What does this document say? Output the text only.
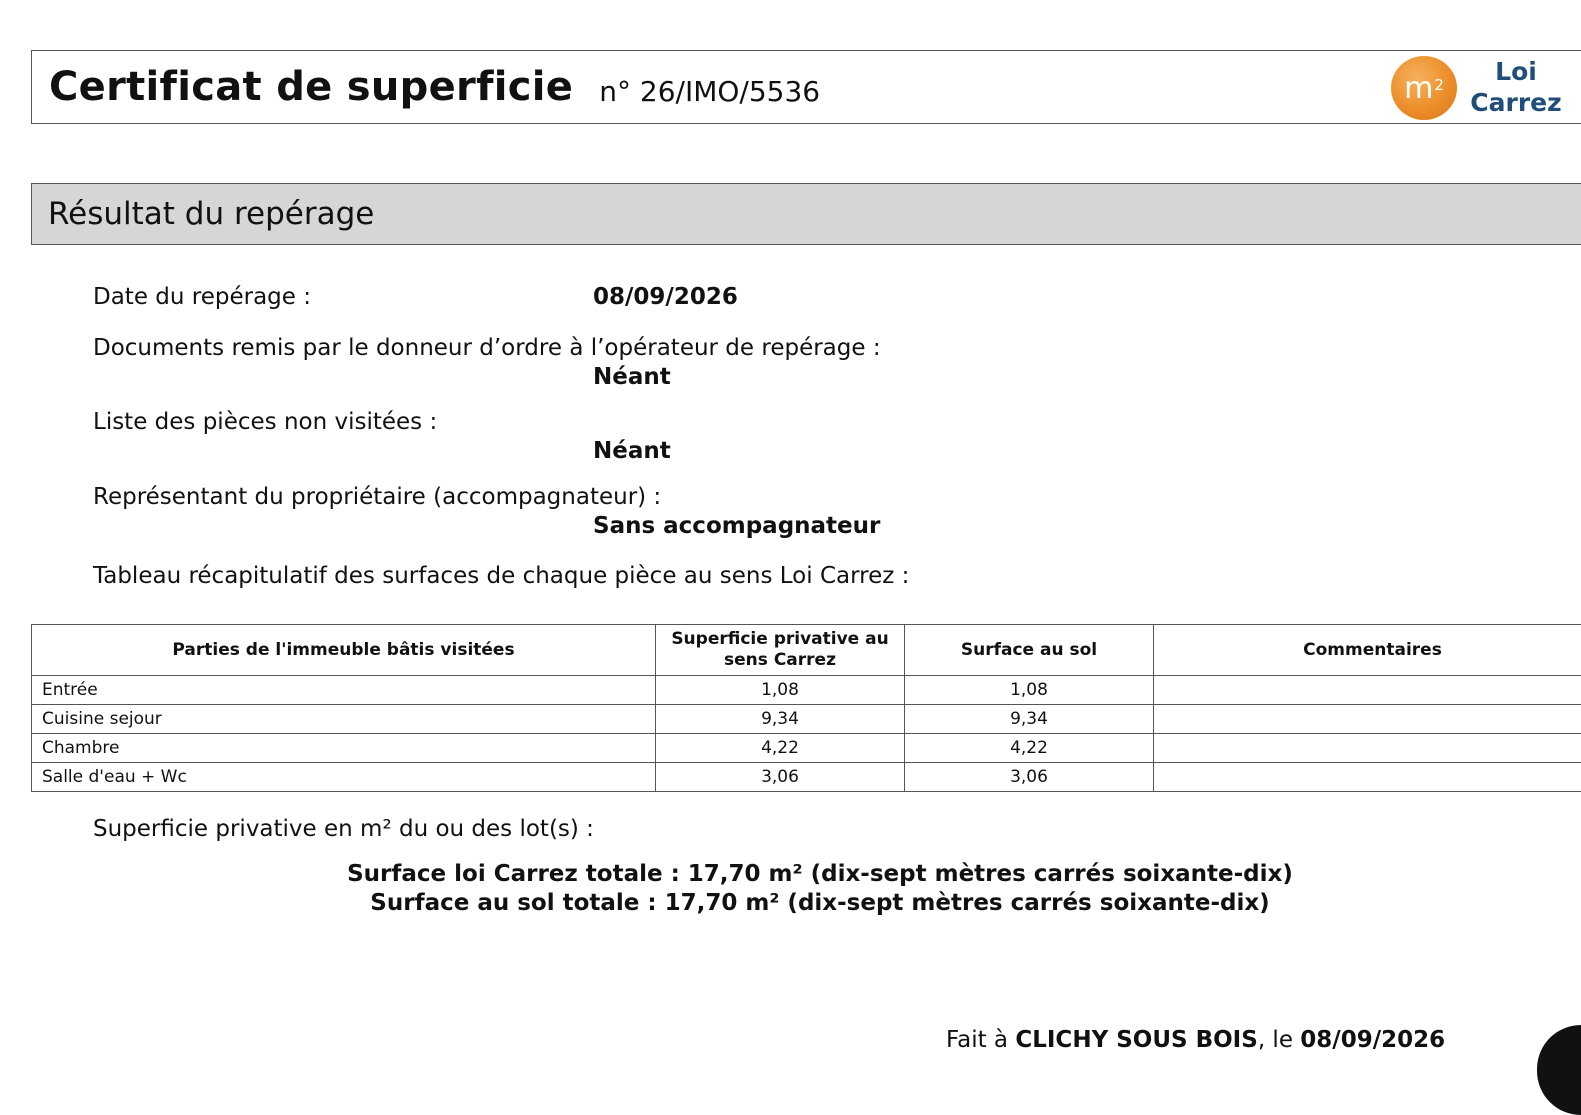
Certificat de superficie n° 26/IMO/5536	$m^2$	Loi
Carrez
Résultat du repérage
Date du repérage :	08/09/2026
Documents remis par le donneur d’ordre à l’opérateur de repérage :
Néant
Liste des pièces non visitées :
Néant
Représentant du propriétaire (accompagnateur) :
Sans accompagnateur
Tableau récapitulatif des surfaces de chaque pièce au sens Loi Carrez :
Parties de l'immeuble bâtis visitées	Superficie privative au sens Carrez	Surface au sol	Commentaires
Entrée	1,08	1,08	
Cuisine sejour	9,34	9,34	
Chambre	4,22	4,22	
Salle d'eau + Wc	3,06	3,06	
Superficie privative en m² du ou des lot(s) :
Surface loi Carrez totale : 17,70 m² (dix-sept mètres carrés soixante-dix)
Surface au sol totale : 17,70 m² (dix-sept mètres carrés soixante-dix)
Fait à CLICHY SOUS BOIS, le 08/09/2026
